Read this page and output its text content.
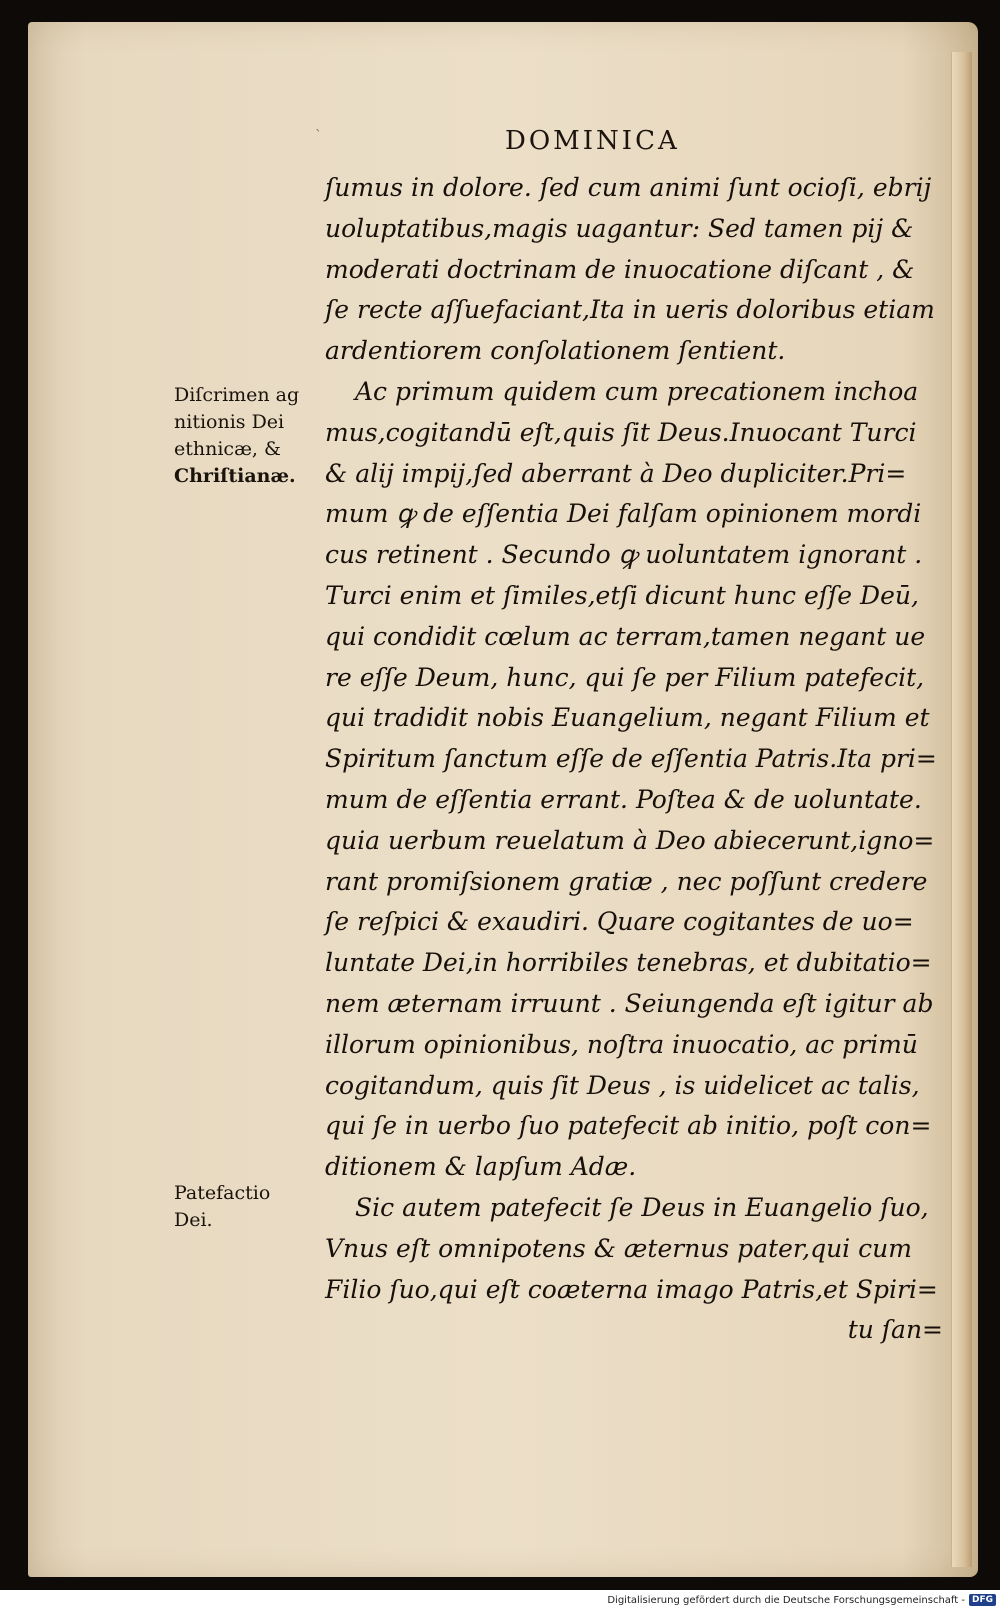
`	DOMINICA
Diſcrimen ag
nitionis Dei
ethnicæ, &
Chriſtianæ.
Patefactio
Dei.
ſumus in dolore. ſed cum animi ſunt ocioſi, ebrij
uoluptatibus,magis uagantur: Sed tamen pij &
moderati doctrinam de inuocatione diſcant , &
ſe recte aſſuefaciant,Ita in ueris doloribus etiam
ardentiorem conſolationem ſentient.
Ac primum quidem cum precationem inchoa
mus,cogitandū eſt,quis ſit Deus.Inuocant Turci
& alij impij,ſed aberrant à Deo dupliciter.Pri=
mum ꝙ de eſſentia Dei falſam opinionem mordi
cus retinent . Secundo ꝙ uoluntatem ignorant .
Turci enim et ſimiles,etſi dicunt hunc eſſe Deū,
qui condidit cœlum ac terram,tamen negant ue
re eſſe Deum, hunc, qui ſe per Filium patefecit,
qui tradidit nobis Euangelium, negant Filium et
Spiritum ſanctum eſſe de eſſentia Patris.Ita pri=
mum de eſſentia errant. Poſtea & de uoluntate.
quia uerbum reuelatum à Deo abiecerunt,igno=
rant promiſsionem gratiæ , nec poſſunt credere
ſe reſpici & exaudiri. Quare cogitantes de uo=
luntate Dei,in horribiles tenebras, et dubitatio=
nem æternam irruunt . Seiungenda eſt igitur ab
illorum opinionibus, noſtra inuocatio, ac primū
cogitandum, quis ſit Deus , is uidelicet ac talis,
qui ſe in uerbo ſuo patefecit ab initio, poſt con=
ditionem & lapſum Adæ.
Sic autem patefecit ſe Deus in Euangelio ſuo,
Vnus eſt omnipotens & æternus pater,qui cum
Filio ſuo,qui eſt coæterna imago Patris,et Spiri=
tu ſan=
Digitalisierung gefördert durch die Deutsche Forschungsgemeinschaft - DFG
